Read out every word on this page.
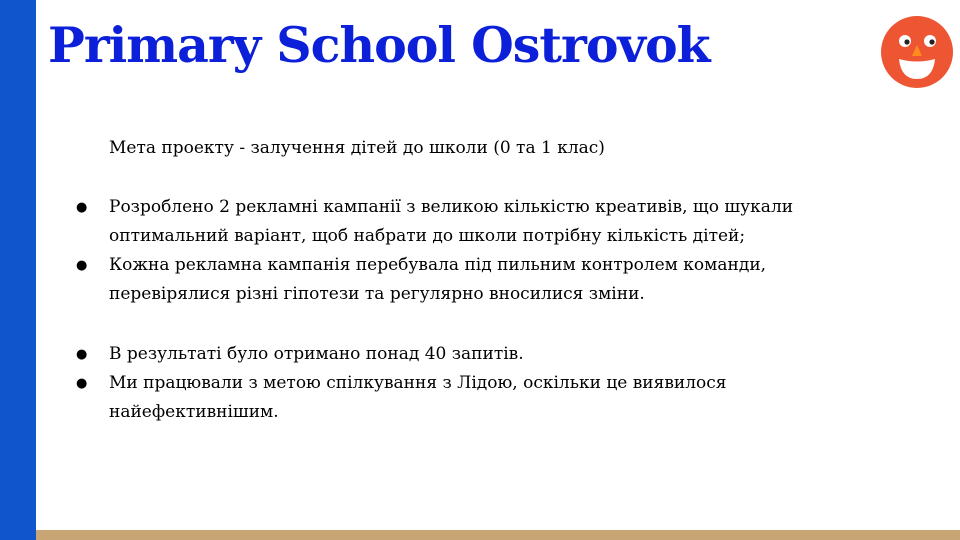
Primary School Ostrovok
Мета проекту - залучення дітей до школи (0 та 1 клас)
● Розроблено 2 рекламні кампанії з великою кількістю креативів, що шукали
оптимальний варіант, щоб набрати до школи потрібну кількість дітей;
● Кожна рекламна кампанія перебувала під пильним контролем команди,
перевірялися різні гіпотези та регулярно вносилися зміни.
● В результаті було отримано понад 40 запитів.
● Ми працювали з метою спілкування з Лідою, оскільки це виявилося
найефективнішим.
